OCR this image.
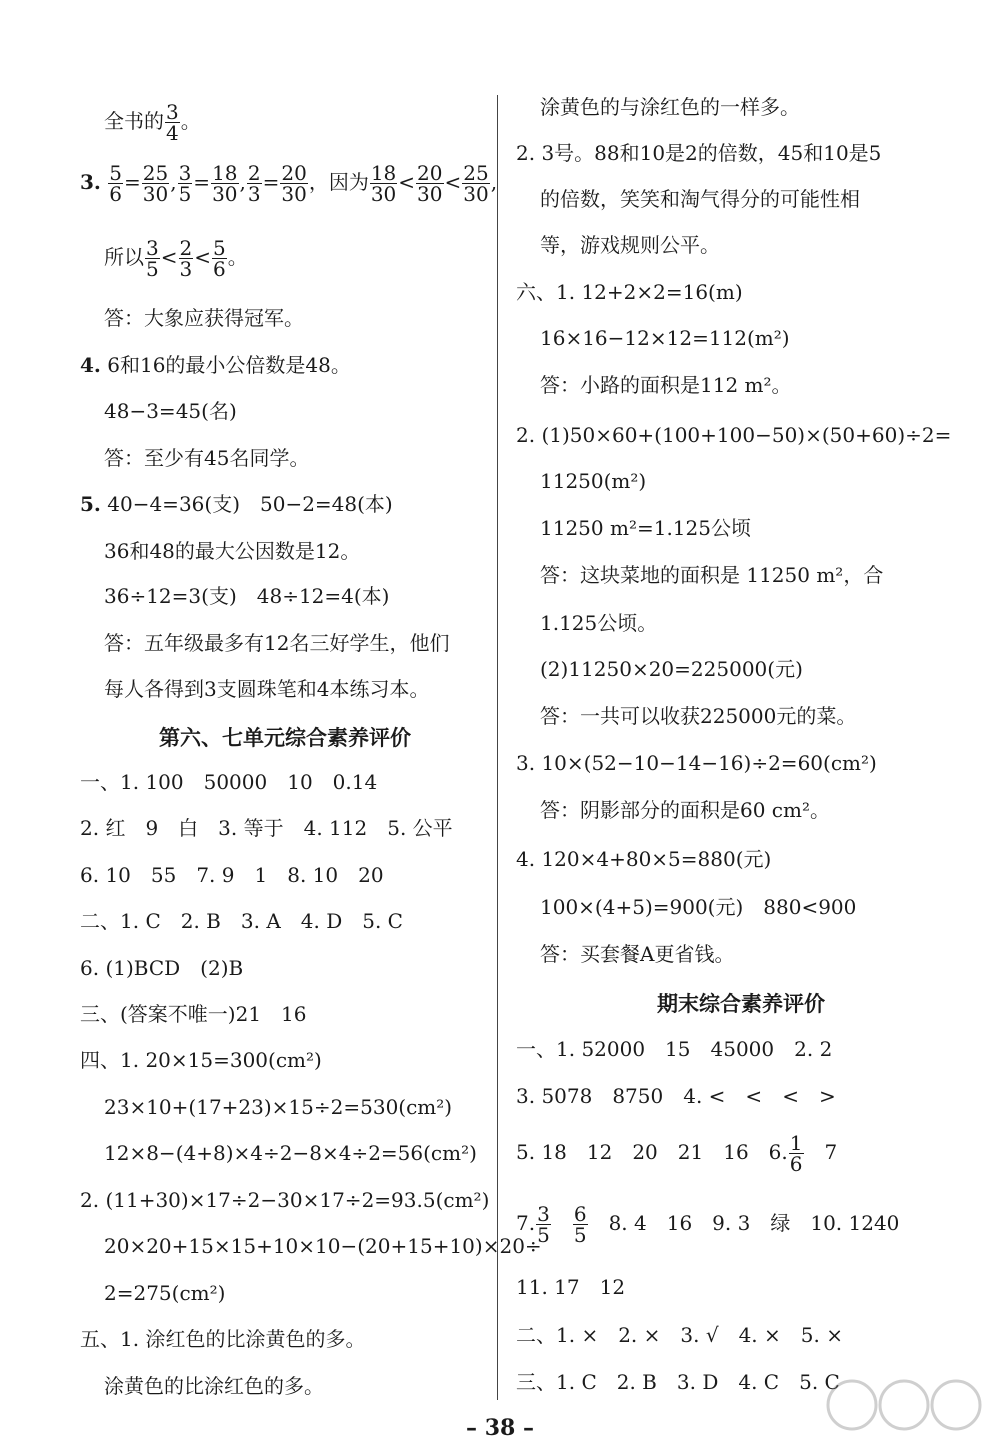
全书的 $\frac{3}{4}$ 。
3. $\frac{5}{6} = \frac{25}{30}$ , $\frac{3}{5} = \frac{18}{30}$ , $\frac{2}{3} = \frac{20}{30}$ ，因为 $\frac{18}{30} < \frac{20}{30} < \frac{25}{30}$ ,
所以 $\frac{3}{5} < \frac{2}{3} < \frac{5}{6}$ 。
答：大象应获得冠军。
4. 6和16的最小公倍数是48。
48−3=45(名)
答：至少有45名同学。
5. 40−4=36(支)　50−2=48(本)
36和48的最大公因数是12。
36÷12=3(支)　48÷12=4(本)
答：五年级最多有12名三好学生，他们
每人各得到3支圆珠笔和4本练习本。
第六、七单元综合素养评价
一、1. 100　50000　10　0.14
2. 红　9　白　3. 等于　4. 112　5. 公平
6. 10　55　7. 9　1　8. 10　20
二、1. C　2. B　3. A　4. D　5. C
6. (1)BCD　(2)B
三、(答案不唯一)21　16
四、1. 20×15=300(cm²)
23×10+(17+23)×15÷2=530(cm²)
12×8−(4+8)×4÷2−8×4÷2=56(cm²)
2. (11+30)×17÷2−30×17÷2=93.5(cm²)
20×20+15×15+10×10−(20+15+10)×20÷
2=275(cm²)
五、1. 涂红色的比涂黄色的多。
涂黄色的比涂红色的多。
涂黄色的与涂红色的一样多。
2. 3号。88和10是2的倍数，45和10是5
的倍数，笑笑和淘气得分的可能性相
等，游戏规则公平。
六、1. 12+2×2=16(m)
16×16−12×12=112(m²)
答：小路的面积是112 m²。
2. (1)50×60+(100+100−50)×(50+60)÷2=
11250(m²)
11250 m²=1.125公顷
答：这块菜地的面积是 11250 m²，合
1.125公顷。
(2)11250×20=225000(元)
答：一共可以收获225000元的菜。
3. 10×(52−10−14−16)÷2=60(cm²)
答：阴影部分的面积是60 cm²。
4. 120×4+80×5=880(元)
100×(4+5)=900(元)　880<900
答：买套餐A更省钱。
期末综合素养评价
一、1. 52000　15　45000　2. 2
3. 5078　8750　4. <　<　<　>
5. 18　12　20　21　16　6. $\frac{1}{6}$
　 7
7. $\frac{3}{5}$
　 $\frac{6}{5}$
　 8. 4　16　9. 3　绿　10. 1240
11. 17　12
二、1. ×　2. ×　3. √　4. ×　5. ×
三、1. C　2. B　3. D　4. C　5. C
– 38 –
